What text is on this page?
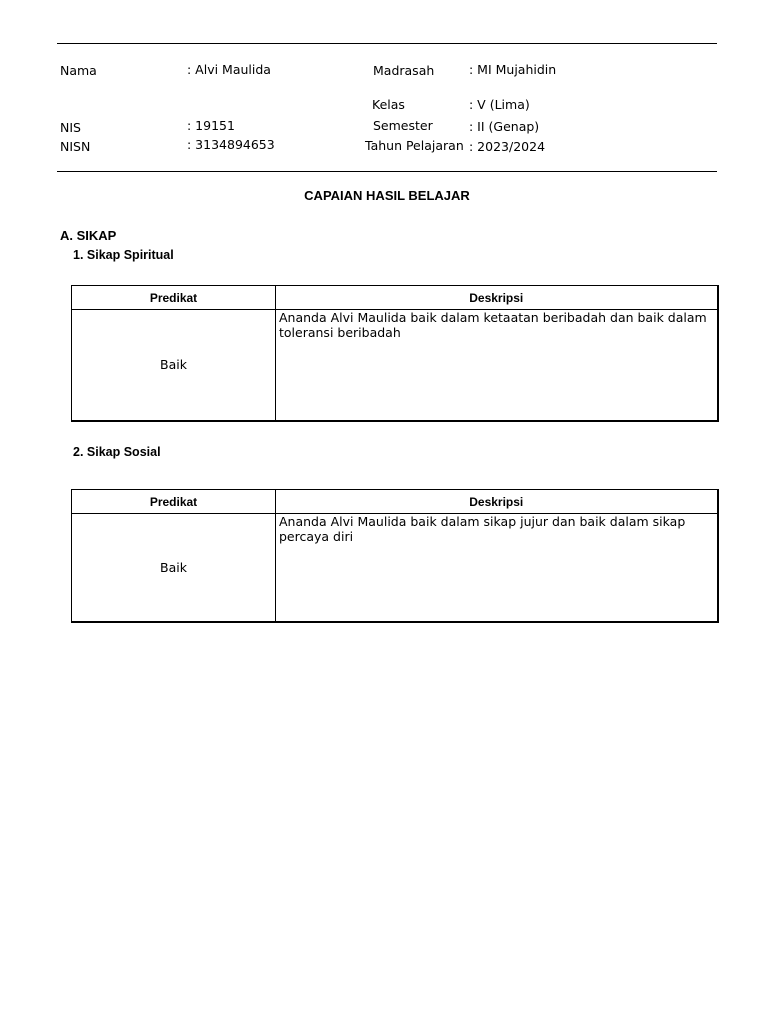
Nama	: Alvi Maulida	Madrasah	: MI Mujahidin
Kelas	: V (Lima)
NIS	: 19151	Semester	: II (Genap)
NISN	: 3134894653	Tahun Pelajaran : 2023/2024
CAPAIAN HASIL BELAJAR
A. SIKAP
1. Sikap Spiritual
Predikat	Deskripsi
Baik	Ananda Alvi Maulida baik dalam ketaatan beribadah dan baik dalam toleransi beribadah
2. Sikap Sosial
Predikat	Deskripsi
Baik	Ananda Alvi Maulida baik dalam sikap jujur dan baik dalam sikap percaya diri
